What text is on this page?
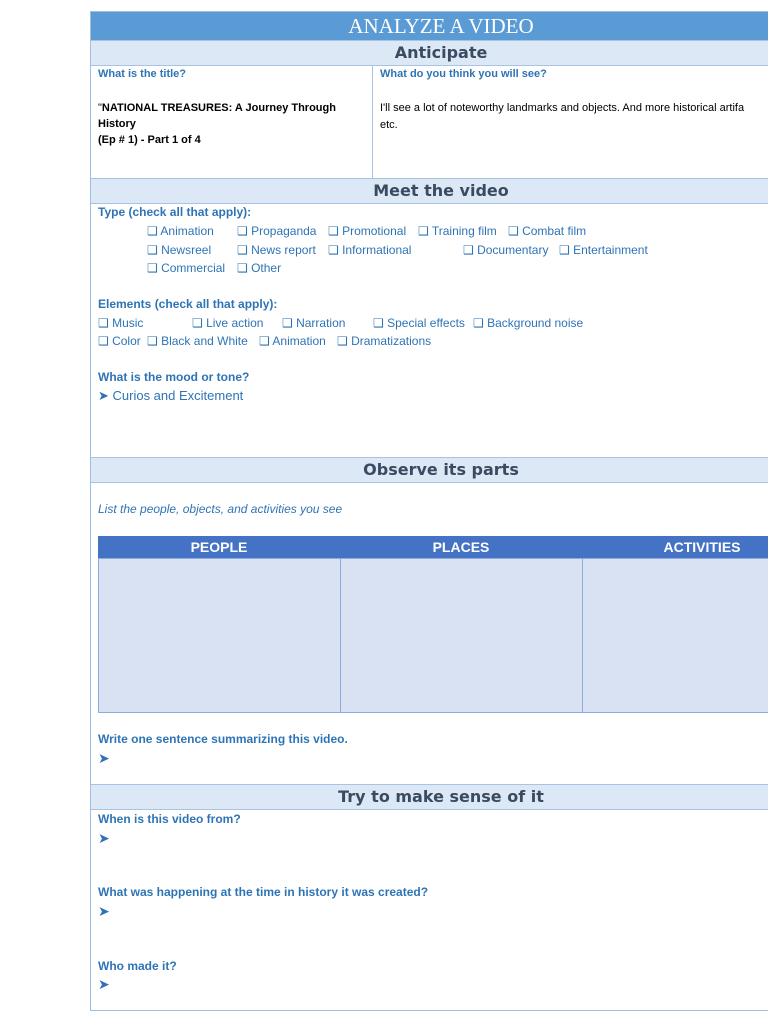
ANALYZE A VIDEO
Anticipate
What is the title?
"NATIONAL TREASURES: A Journey Through History
(Ep # 1) - Part 1 of 4
What do you think you will see?
I'll see a lot of noteworthy landmarks and objects. And more historical artifa
etc.
Meet the video
Type (check all that apply):
❑ Animation ❑ Propaganda ❑ Promotional ❑ Training film ❑ Combat film
❑ Newsreel ❑ News report ❑ Informational	❑ Documentary ❑ Entertainment
❑ Commercial ❑ Other
Elements (check all that apply):
❑ Music	❑ Live action ❑ Narration ❑ Special effects ❑ Background noise
❑ Color ❑ Black and White ❑ Animation ❑ Dramatizations
What is the mood or tone?
➤ Curios and Excitement
Observe its parts
List the people, objects, and activities you see
PEOPLE	PLACES	ACTIVITIES
Write one sentence summarizing this video.
➤
Try to make sense of it
When is this video from?
➤
What was happening at the time in history it was created?
➤
Who made it?
➤
